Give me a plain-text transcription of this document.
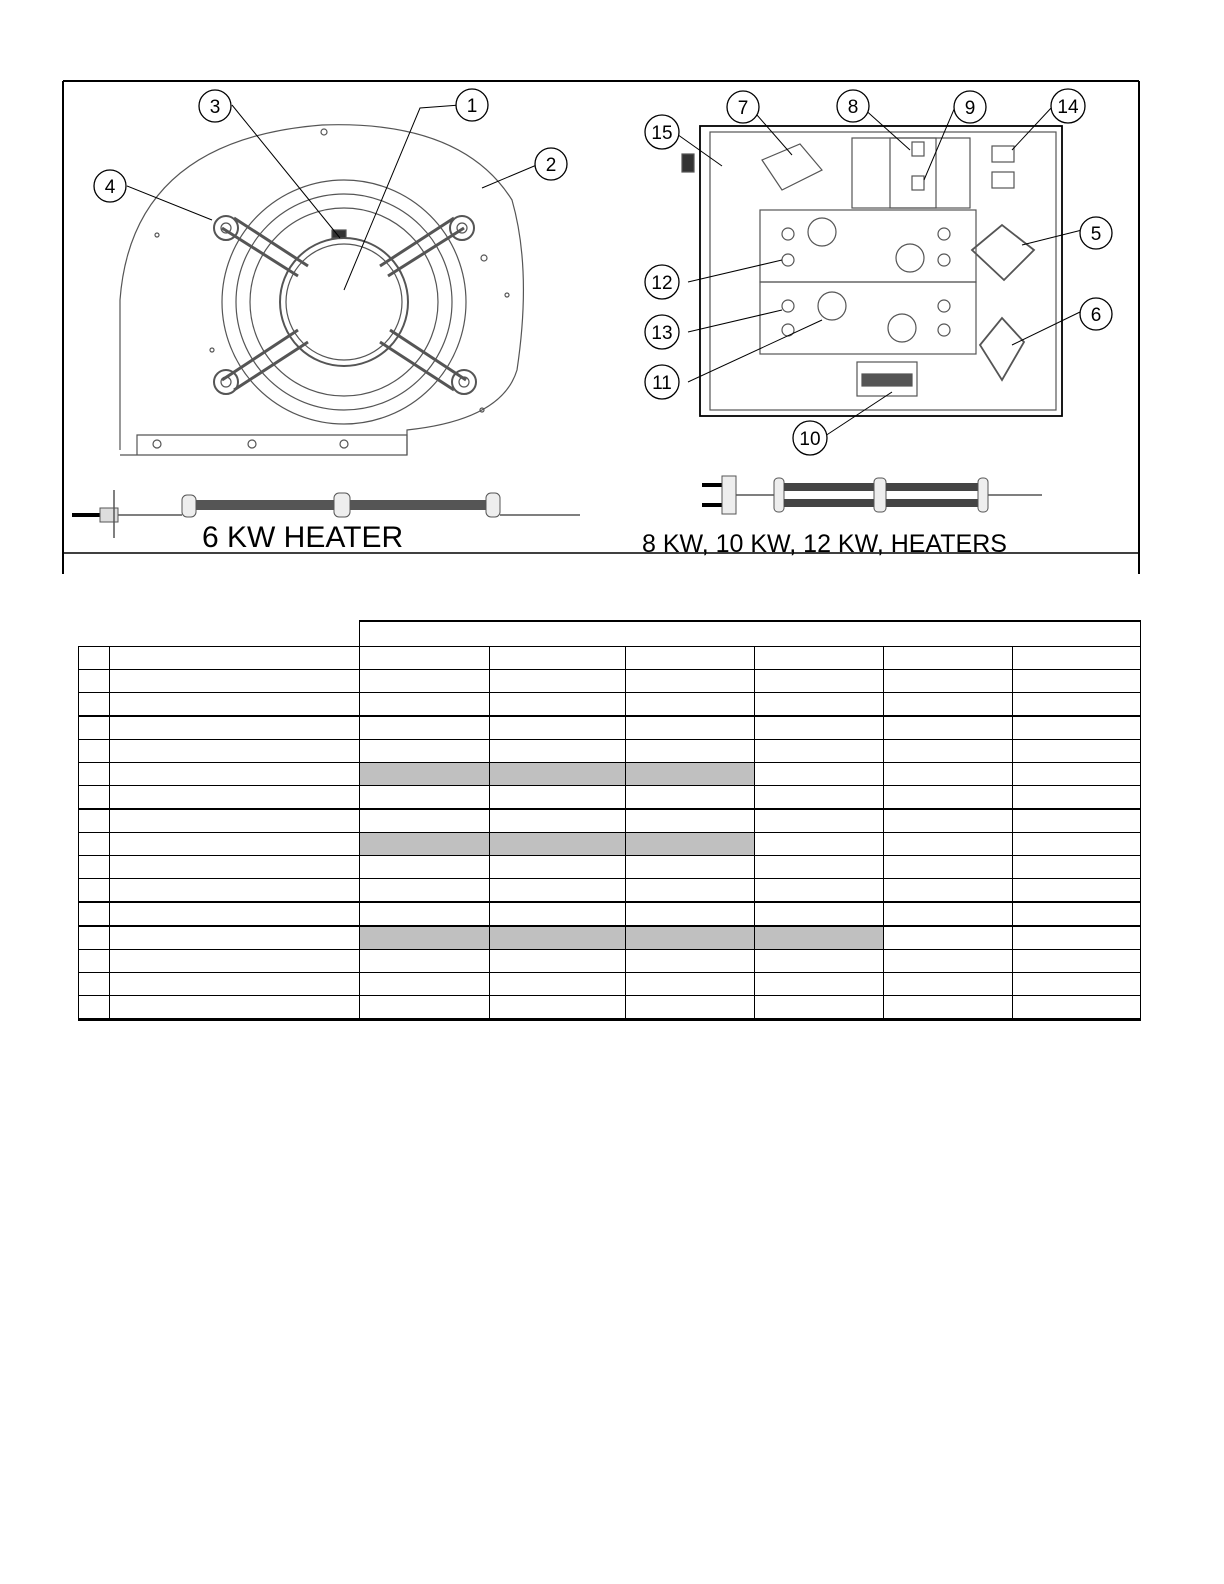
6 KW HEATER	8 KW, 10 KW, 12 KW, HEATERS
1
2
3
4
5
6
7	8	9
10
11
12
13
14
15
